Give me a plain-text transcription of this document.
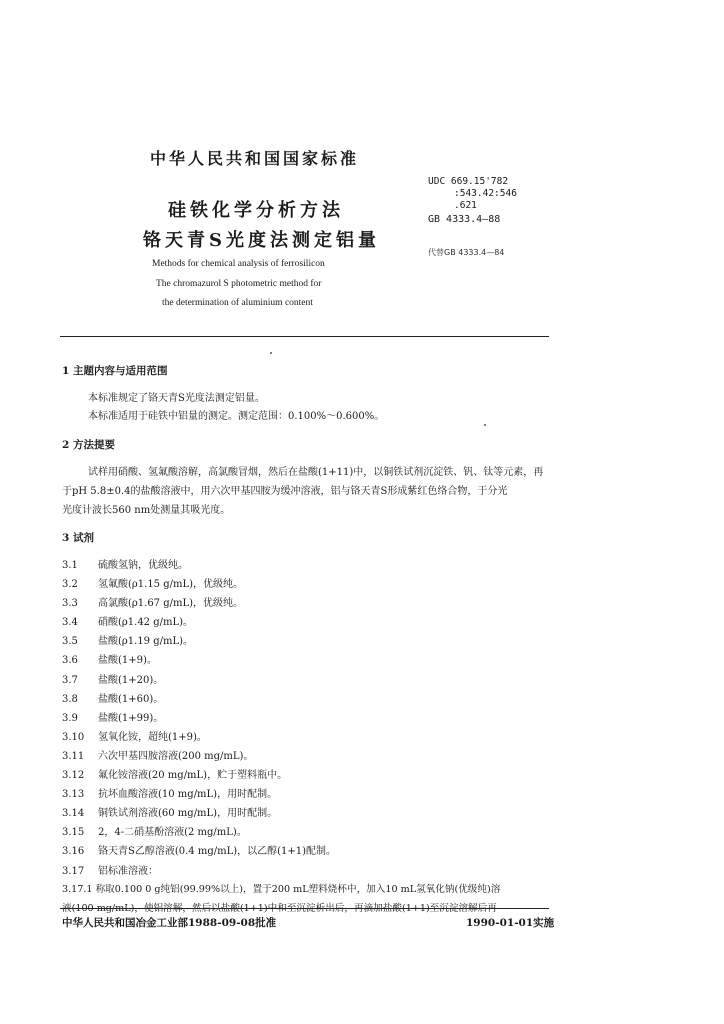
中华人民共和国国家标准
硅铁化学分析方法
铬天青S光度法测定铝量
Methods for chemical analysis of ferrosilicon
The chromazurol S photometric method for
the determination of aluminium content
UDC 669.15'782
:543.42:546
.621
GB 4333.4—88
代替GB 4333.4—84
1 主题内容与适用范围
本标准规定了铬天青S光度法测定铝量。
本标准适用于硅铁中铝量的测定。测定范围：0.100%～0.600%。
2 方法提要
试样用硝酸、氢氟酸溶解，高氯酸冒烟，然后在盐酸(1+11)中，以铜铁试剂沉淀铁、钒、钛等元素，再
于pH 5.8±0.4的盐酸溶液中，用六次甲基四胺为缓冲溶液，铝与铬天青S形成紫红色络合物，于分光
光度计波长560 nm处测量其吸光度。
3 试剂
3.1 硫酸氢钠，优级纯。
3.2 氢氟酸(ρ1.15 g/mL)，优级纯。
3.3 高氯酸(ρ1.67 g/mL)，优级纯。
3.4 硝酸(ρ1.42 g/mL)。
3.5 盐酸(ρ1.19 g/mL)。
3.6 盐酸(1+9)。
3.7 盐酸(1+20)。
3.8 盐酸(1+60)。
3.9 盐酸(1+99)。
3.10 氢氧化铵，超纯(1+9)。
3.11 六次甲基四胺溶液(200 mg/mL)。
3.12 氟化铵溶液(20 mg/mL)，贮于塑料瓶中。
3.13 抗坏血酸溶液(10 mg/mL)，用时配制。
3.14 铜铁试剂溶液(60 mg/mL)，用时配制。
3.15 2，4-二硝基酚溶液(2 mg/mL)。
3.16 铬天青S乙醇溶液(0.4 mg/mL)，以乙醇(1+1)配制。
3.17 铝标准溶液：
3.17.1 称取0.100 0 g纯铝(99.99%以上)，置于200 mL塑料烧杯中，加入10 mL氢氧化钠(优级纯)溶
中华人民共和国冶金工业部1988-09-08批准	1990-01-01实施
